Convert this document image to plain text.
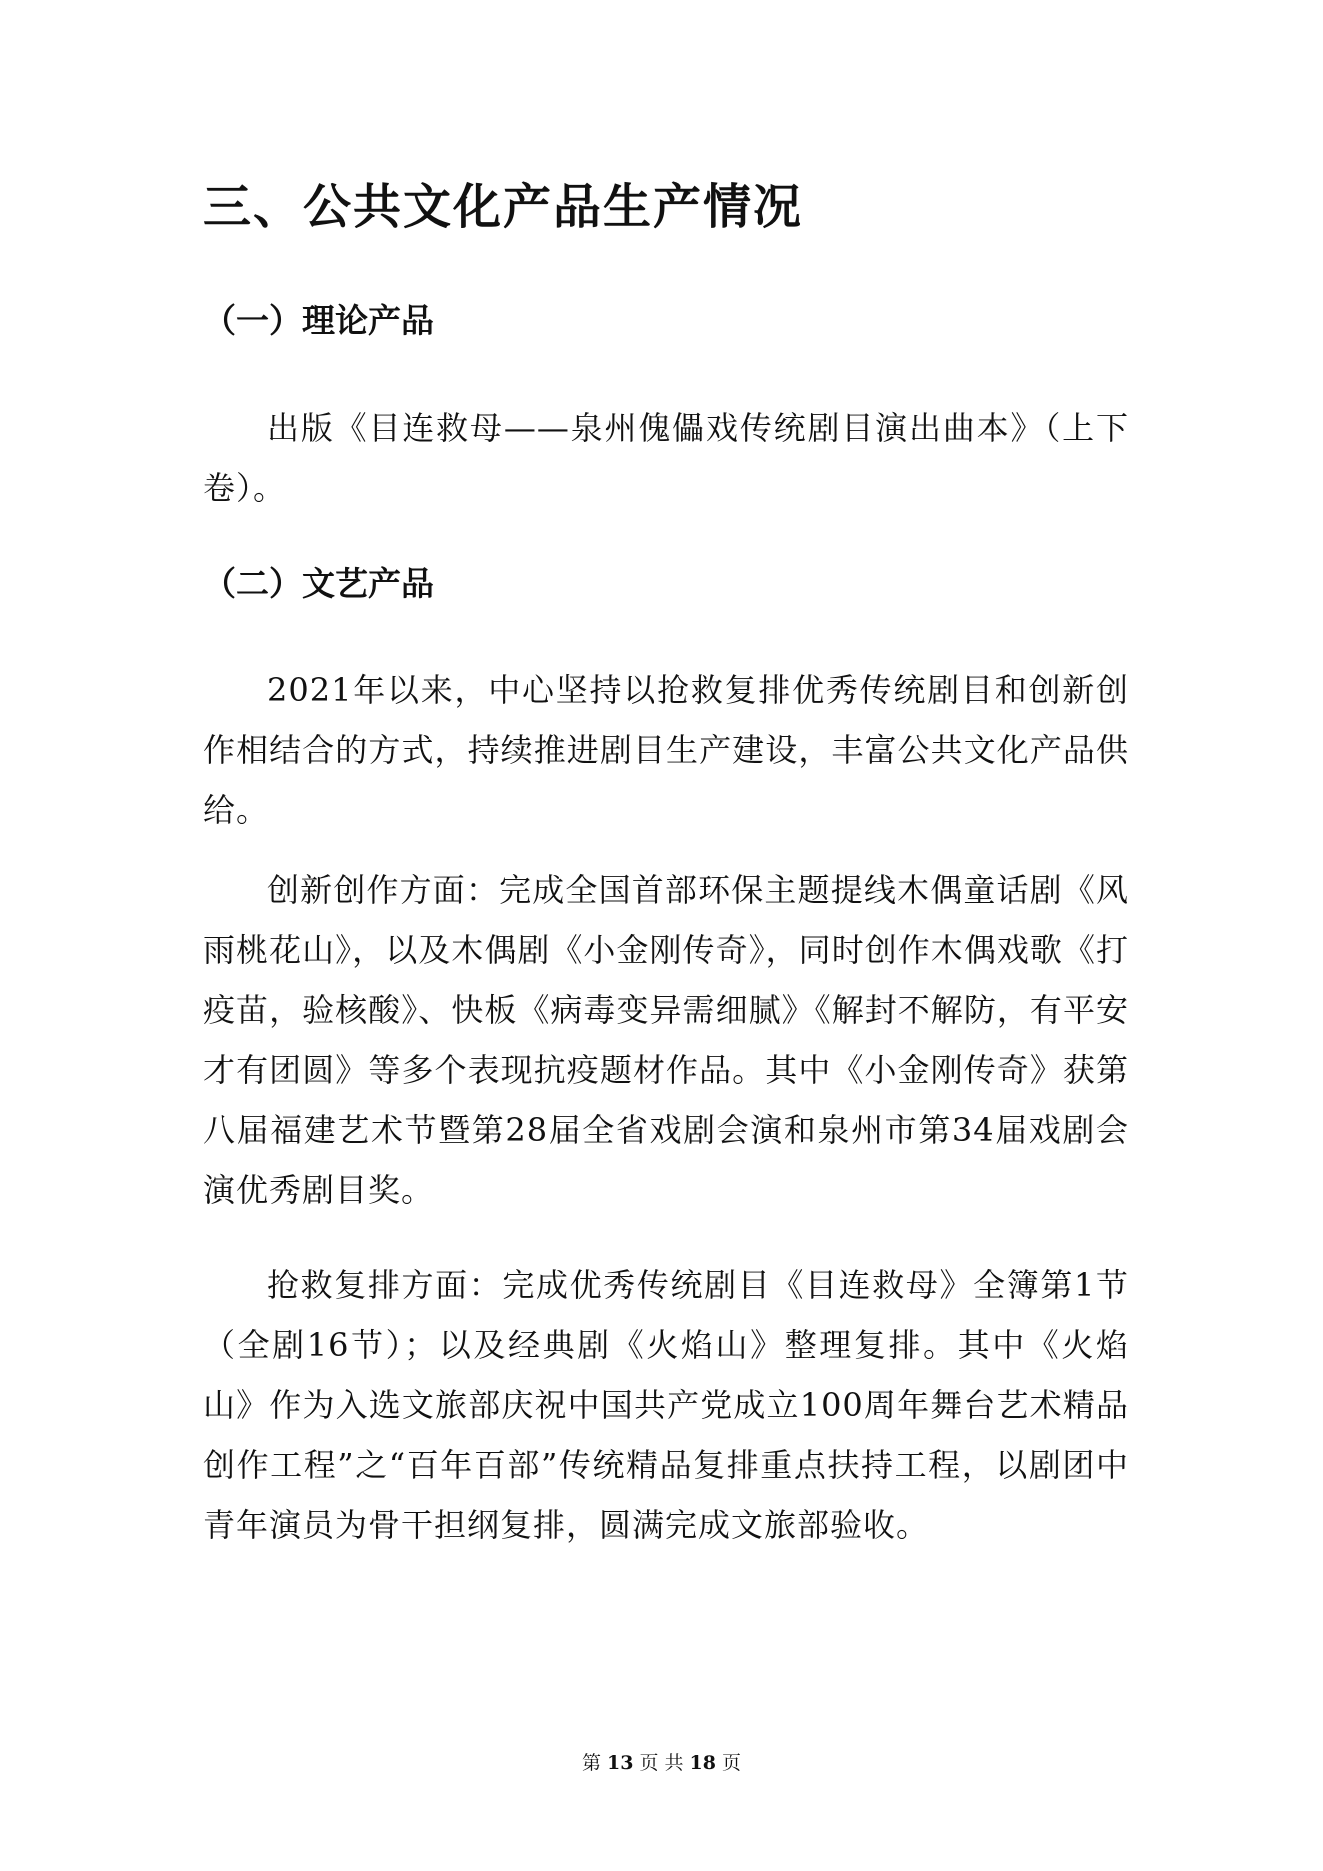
三、公共文化产品生产情况
（一）理论产品

出版《目连救母——泉州傀儡戏传统剧目演出曲本》（上下卷）。

（二）文艺产品

2021年以来，中心坚持以抢救复排优秀传统剧目和创新创作相结合的方式，持续推进剧目生产建设，丰富公共文化产品供给。

创新创作方面：完成全国首部环保主题提线木偶童话剧《风雨桃花山》，以及木偶剧《小金刚传奇》，同时创作木偶戏歌《打疫苗，验核酸》、快板《病毒变异需细腻》《解封不解防，有平安才有团圆》等多个表现抗疫题材作品。其中《小金刚传奇》获第八届福建艺术节暨第28届全省戏剧会演和泉州市第34届戏剧会演优秀剧目奖。

抢救复排方面：完成优秀传统剧目《目连救母》全簿第1节（全剧16节）；以及经典剧《火焰山》整理复排。其中《火焰山》作为入选文旅部庆祝中国共产党成立100周年舞台艺术精品创作工程”之“百年百部”传统精品复排重点扶持工程，以剧团中青年演员为骨干担纲复排，圆满完成文旅部验收。

第 13 页 共 18 页
